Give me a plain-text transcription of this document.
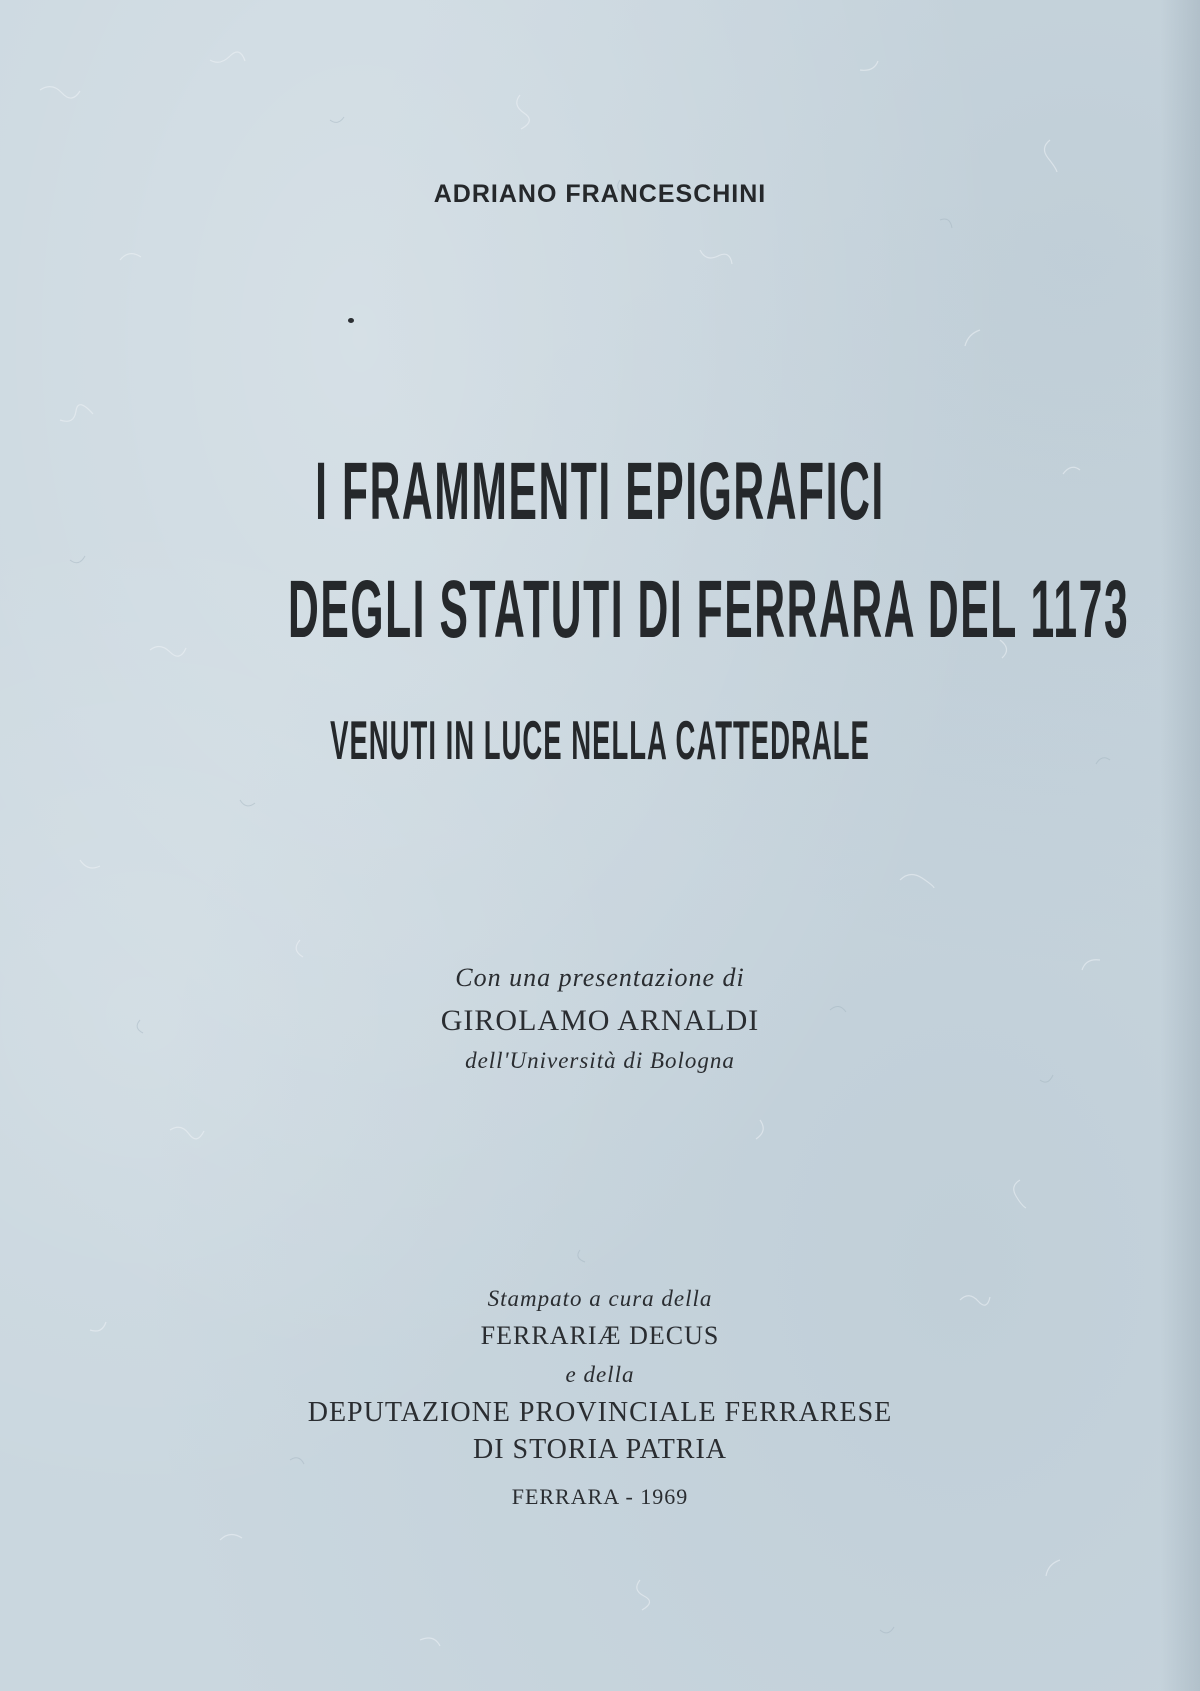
ADRIANO FRANCESCHINI
I FRAMMENTI EPIGRAFICI
DEGLI STATUTI DI FERRARA DEL 1173
VENUTI IN LUCE NELLA CATTEDRALE
Con una presentazione di
GIROLAMO ARNALDI
dell'Università di Bologna
Stampato a cura della
FERRARIÆ DECUS
e della
DEPUTAZIONE PROVINCIALE FERRARESE
DI STORIA PATRIA
FERRARA - 1969
